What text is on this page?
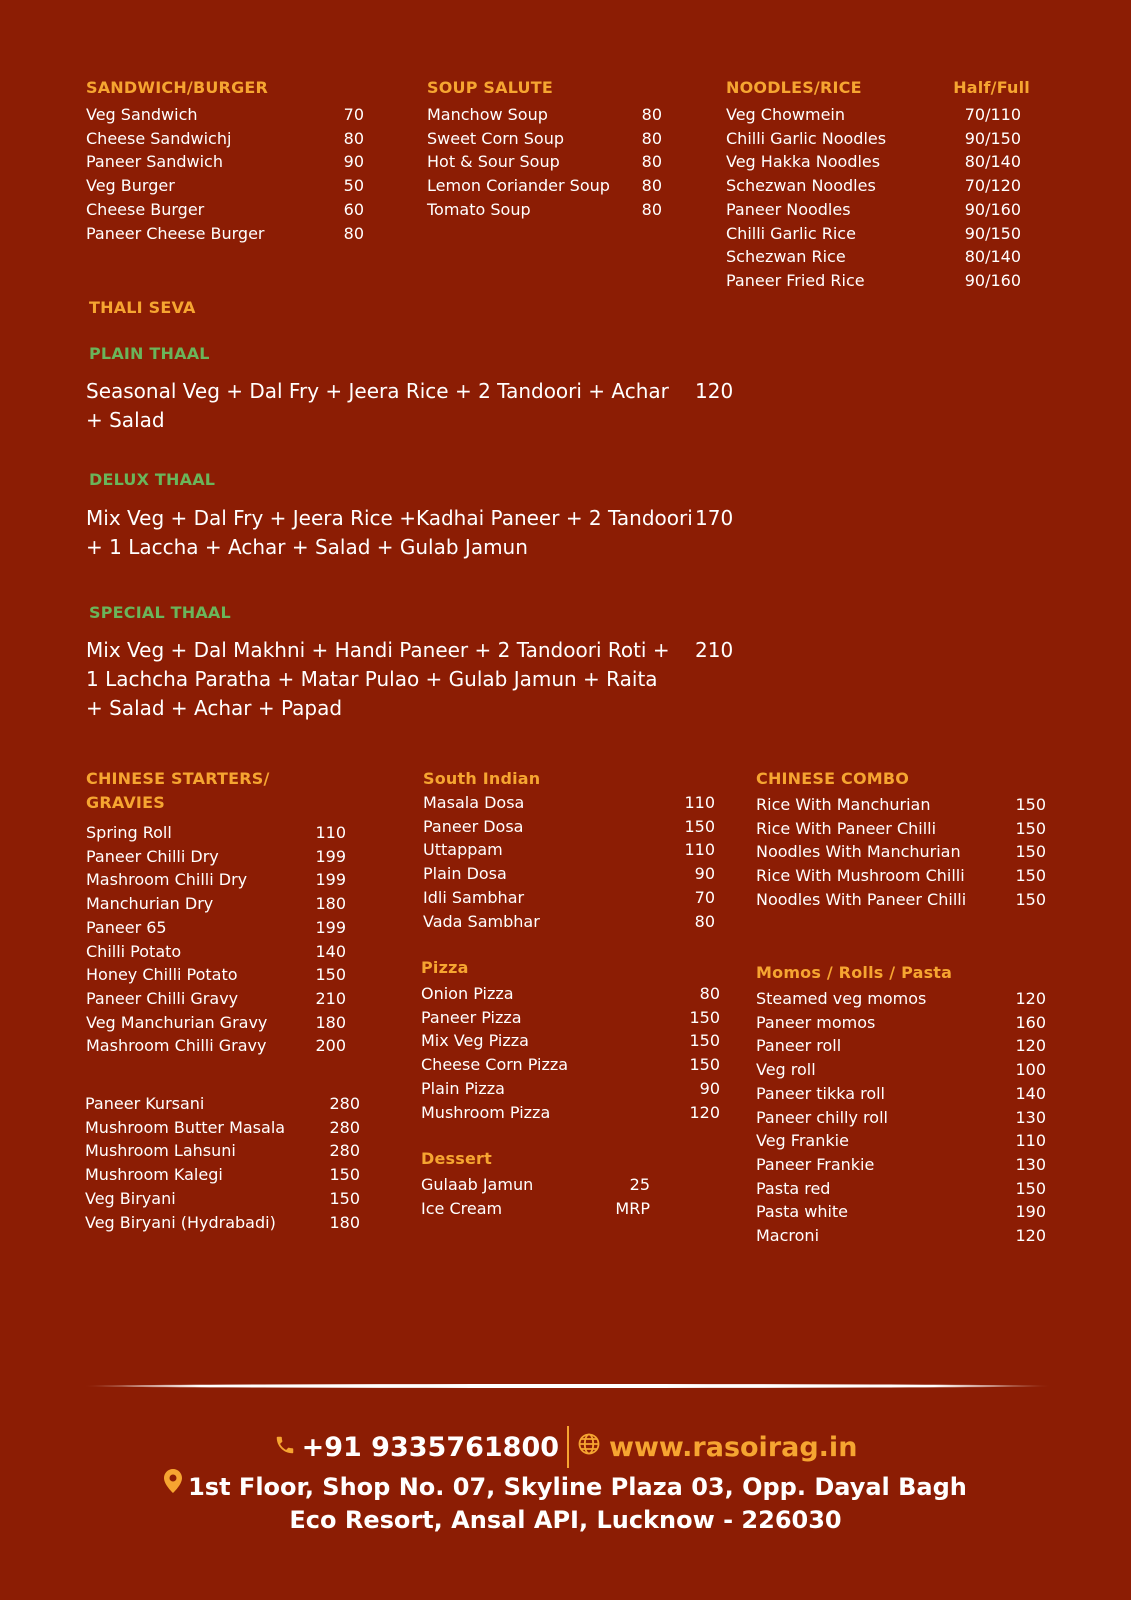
SANDWICH/BURGER
Veg Sandwich	70
Cheese Sandwichj	80
Paneer Sandwich	90
Veg Burger	50
Cheese Burger	60
Paneer Cheese Burger	80
SOUP SALUTE
Manchow Soup	80
Sweet Corn Soup	80
Hot & Sour Soup	80
Lemon Coriander Soup 80
Tomato Soup	80
NOODLES/RICE	Half/Full
Veg Chowmein	70/110
Chilli Garlic Noodles	90/150
Veg Hakka Noodles	80/140
Schezwan Noodles	70/120
Paneer Noodles	90/160
Chilli Garlic Rice	90/150
Schezwan Rice	80/140
Paneer Fried Rice	90/160
THALI SEVA
PLAIN THAAL
Seasonal Veg + Dal Fry + Jeera Rice + 2 Tandoori + Achar
+ Salad
120
DELUX THAAL
Mix Veg + Dal Fry + Jeera Rice +Kadhai Paneer + 2 Tandoori
+ 1 Laccha + Achar + Salad + Gulab Jamun
170
SPECIAL THAAL
Mix Veg + Dal Makhni + Handi Paneer + 2 Tandoori Roti +
1 Lachcha Paratha + Matar Pulao + Gulab Jamun + Raita
+ Salad + Achar + Papad
210
CHINESE STARTERS/ GRAVIES
Spring Roll	110
Paneer Chilli Dry	199
Mashroom Chilli Dry	199
Manchurian Dry	180
Paneer 65	199
Chilli Potato	140
Honey Chilli Potato	150
Paneer Chilli Gravy	210
Veg Manchurian Gravy	180
Mashroom Chilli Gravy	200
Paneer Kursani	280
Mushroom Butter Masala	280
Mushroom Lahsuni	280
Mushroom Kalegi	150
Veg Biryani	150
Veg Biryani (Hydrabadi)	180
South Indian
Masala Dosa	110
Paneer Dosa	150
Uttappam	110
Plain Dosa	90
Idli Sambhar	70
Vada Sambhar	80
Pizza
Onion Pizza	80
Paneer Pizza	150
Mix Veg Pizza	150
Cheese Corn Pizza	150
Plain Pizza	90
Mushroom Pizza	120
Dessert
Gulaab Jamun	25
Ice Cream	MRP
CHINESE COMBO
Rice With Manchurian	150
Rice With Paneer Chilli	150
Noodles With Manchurian	150
Rice With Mushroom Chilli	150
Noodles With Paneer Chilli	150
Momos / Rolls / Pasta
Steamed veg momos	120
Paneer momos	160
Paneer roll	120
Veg roll	100
Paneer tikka roll	140
Paneer chilly roll	130
Veg Frankie	110
Paneer Frankie	130
Pasta red	150
Pasta white	190
Macroni	120
+91 9335761800 www.rasoirag.in
1st Floor, Shop No. 07, Skyline Plaza 03, Opp. Dayal Bagh
Eco Resort, Ansal API, Lucknow - 226030
